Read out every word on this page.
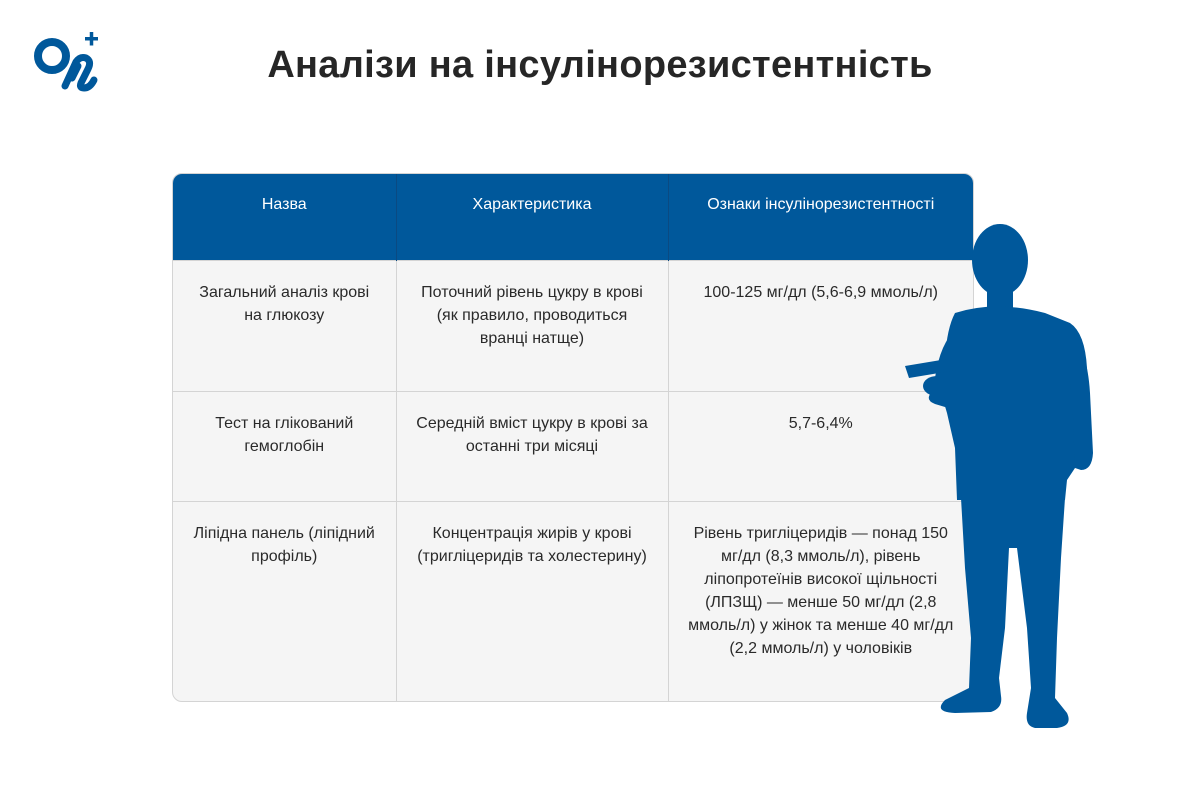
Аналізи на інсулінорезистентність
Назва	Характеристика	Ознаки інсулінорезистентності
Загальний аналіз крові на глюкозу	Поточний рівень цукру в крові (як правило, проводиться вранці натще)	100-125 мг/дл (5,6-6,9 ммоль/л)
Тест на глікований гемоглобін	Середній вміст цукру в крові за останні три місяці	5,7-6,4%
Ліпідна панель (ліпідний профіль)	Концентрація жирів у крові (тригліцеридів та холестерину)	Рівень тригліцеридів — понад 150 мг/дл (8,3 ммоль/л), рівень ліпопротеїнів високої щільності (ЛПЗЩ) — менше 50 мг/дл (2,8 ммоль/л) у жінок та менше 40 мг/дл (2,2 ммоль/л) у чоловіків
